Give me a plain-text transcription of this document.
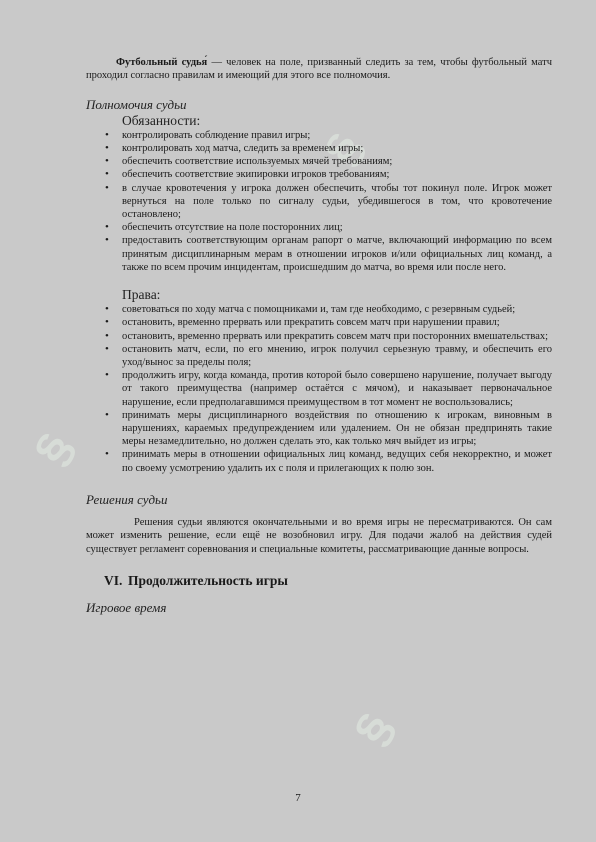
§
§
§

Футбольный судья́ — человек на поле, призванный следить за тем, чтобы футбольный матч проходил согласно правилам и имеющий для этого все полномочия.

Полномочия судьи
Обязанности:
• контролировать соблюдение правил игры;
• контролировать ход матча, следить за временем игры;
• обеспечить соответствие используемых мячей требованиям;
• обеспечить соответствие экипировки игроков требованиям;
• в случае кровотечения у игрока должен обеспечить, чтобы тот покинул поле. Игрок может вернуться на поле только по сигналу судьи, убедившегося в том, что кровотечение остановлено;
• обеспечить отсутствие на поле посторонних лиц;
• предоставить соответствующим органам рапорт о матче, включающий информацию по всем принятым дисциплинарным мерам в отношении игроков и/или официальных лиц команд, а также по всем прочим инцидентам, происшедшим до матча, во время или после него.
Права:
• советоваться по ходу матча с помощниками и, там где необходимо, с резервным судьей;
• остановить, временно прервать или прекратить совсем матч при нарушении правил;
• остановить, временно прервать или прекратить совсем матч при посторонних вмешательствах;
• остановить матч, если, по его мнению, игрок получил серьезную травму, и обеспечить его уход/вынос за пределы поля;
• продолжить игру, когда команда, против которой было совершено нарушение, получает выгоду от такого преимущества (например остаётся с мячом), и наказывает первоначальное нарушение, если предполагавшимся преимуществом в тот момент не воспользовались;
• принимать меры дисциплинарного воздействия по отношению к игрокам, виновным в нарушениях, караемых предупреждением или удалением. Он не обязан предпринять такие меры незамедлительно, но должен сделать это, как только мяч выйдет из игры;
• принимать меры в отношении официальных лиц команд, ведущих себя некорректно, и может по своему усмотрению удалить их с поля и прилегающих к полю зон.
Решения судьи

Решения судьи являются окончательными и во время игры не пересматриваются. Он сам может изменить решение, если ещё не возобновил игру. Для подачи жалоб на действия судей существует регламент соревнования и специальные комитеты, рассматривающие данные вопросы.

VI. Продолжительность игры
Игровое время
7
